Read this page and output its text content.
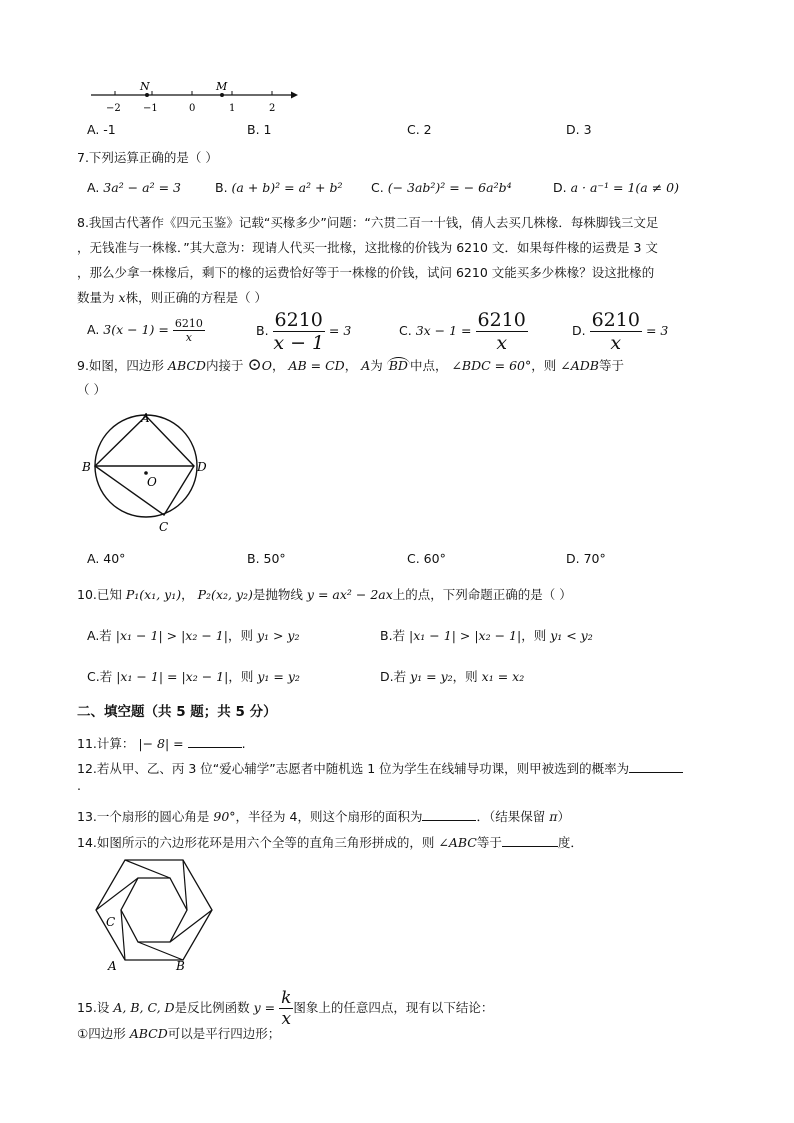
N	M
−2 −1	0	1	2
A. -1	B. 1	C. 2	D. 3
7.下列运算正确的是（ ）
A. 3a² − a² = 3	B. (a + b)² = a² + b² C. (− 3ab²)² = − 6a²b⁴	D. a · a⁻¹ = 1(a ≠ 0)
8.我国古代著作《四元玉鉴》记载“买椽多少”问题：“六贯二百一十钱，倩人去买几株椽．每株脚钱三文足
，无钱准与一株椽．”其大意为：现请人代买一批椽，这批椽的价钱为 6210 文．如果每件椽的运费是 3 文
，那么少拿一株椽后，剩下的椽的运费恰好等于一株椽的价钱，试问 6210 文能买多少株椽？设这批椽的
数量为 x株，则正确的方程是（ ）
A. $3(x - 1) = \frac{6210}{x}$	B. $\frac{6210}{x - 1} = 3$	C. $3x - 1 = \frac{6210}{x}$	D. $\frac{6210}{x} = 3$
9.如图，四边形 ABCD内接于 ⊙O， AB = CD， A为 BD 中点， ∠BDC = 60°，则 ∠ADB等于
（ ）
A
B	D
O
C
A. 40°	B. 50°	C. 60°	D. 70°
10.已知 P₁(x₁, y₁)， P₂(x₂, y₂)是抛物线 y = ax² − 2ax上的点，下列命题正确的是（ ）
A.若 |x₁ − 1| > |x₂ − 1|，则 y₁ > y₂	B.若 |x₁ − 1| > |x₂ − 1|，则 y₁ < y₂
C.若 |x₁ − 1| = |x₂ − 1|，则 y₁ = y₂	D.若 y₁ = y₂，则 x₁ = x₂
二、填空题（共 5 题；共 5 分）
11.计算： |− 8| =	.
12.若从甲、乙、丙 3 位“爱心辅学”志愿者中随机选 1 位为学生在线辅导功课，则甲被选到的概率为
.
13.一个扇形的圆心角是 90°，半径为 4，则这个扇形的面积为	．（结果保留 π）
14.如图所示的六边形花环是用六个全等的直角三角形拼成的，则 ∠ABC等于	度．
C
A	B
15.设 A, B, C, D是反比例函数 $y = \frac{k}{x}$ 图象上的任意四点，现有以下结论：
①四边形 ABCD可以是平行四边形；
